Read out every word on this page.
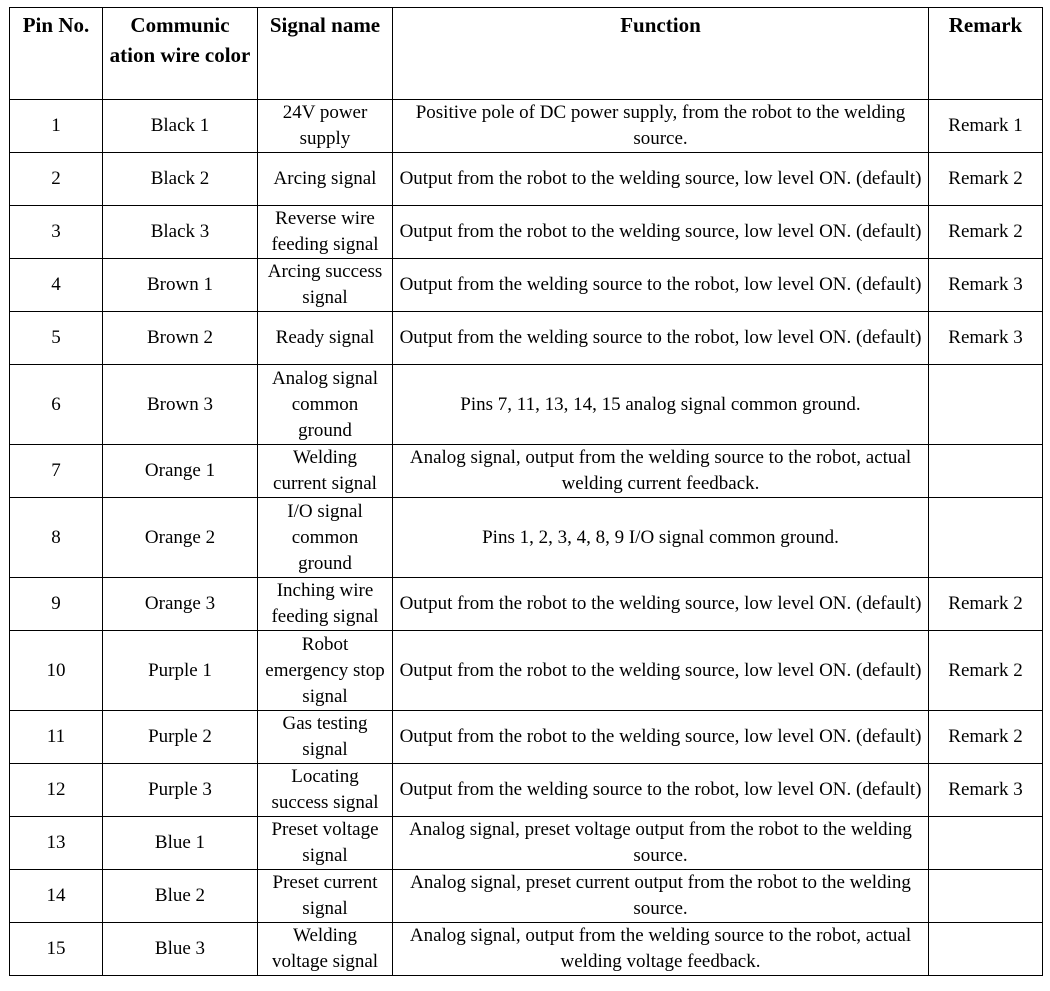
Pin No.	Communic ation wire color	Signal name	Function	Remark
1	Black 1	24V power supply	Positive pole of DC power supply, from the robot to the welding source.	Remark 1
2	Black 2	Arcing signal	Output from the robot to the welding source, low level ON. (default)	Remark 2
3	Black 3	Reverse wire feeding signal	Output from the robot to the welding source, low level ON. (default)	Remark 2
4	Brown 1	Arcing success signal	Output from the welding source to the robot, low level ON. (default)	Remark 3
5	Brown 2	Ready signal	Output from the welding source to the robot, low level ON. (default)	Remark 3
6	Brown 3	Analog signal common ground	Pins 7, 11, 13, 14, 15 analog signal common ground.	
7	Orange 1	Welding current signal	Analog signal, output from the welding source to the robot, actual welding current feedback.	
8	Orange 2	I/O signal common ground	Pins 1, 2, 3, 4, 8, 9 I/O signal common ground.	
9	Orange 3	Inching wire feeding signal	Output from the robot to the welding source, low level ON. (default)	Remark 2
10	Purple 1	Robot emergency stop signal	Output from the robot to the welding source, low level ON. (default)	Remark 2
11	Purple 2	Gas testing signal	Output from the robot to the welding source, low level ON. (default)	Remark 2
12	Purple 3	Locating success signal	Output from the welding source to the robot, low level ON. (default)	Remark 3
13	Blue 1	Preset voltage signal	Analog signal, preset voltage output from the robot to the welding source.	
14	Blue 2	Preset current signal	Analog signal, preset current output from the robot to the welding source.	
15	Blue 3	Welding voltage signal	Analog signal, output from the welding source to the robot, actual welding voltage feedback.	
